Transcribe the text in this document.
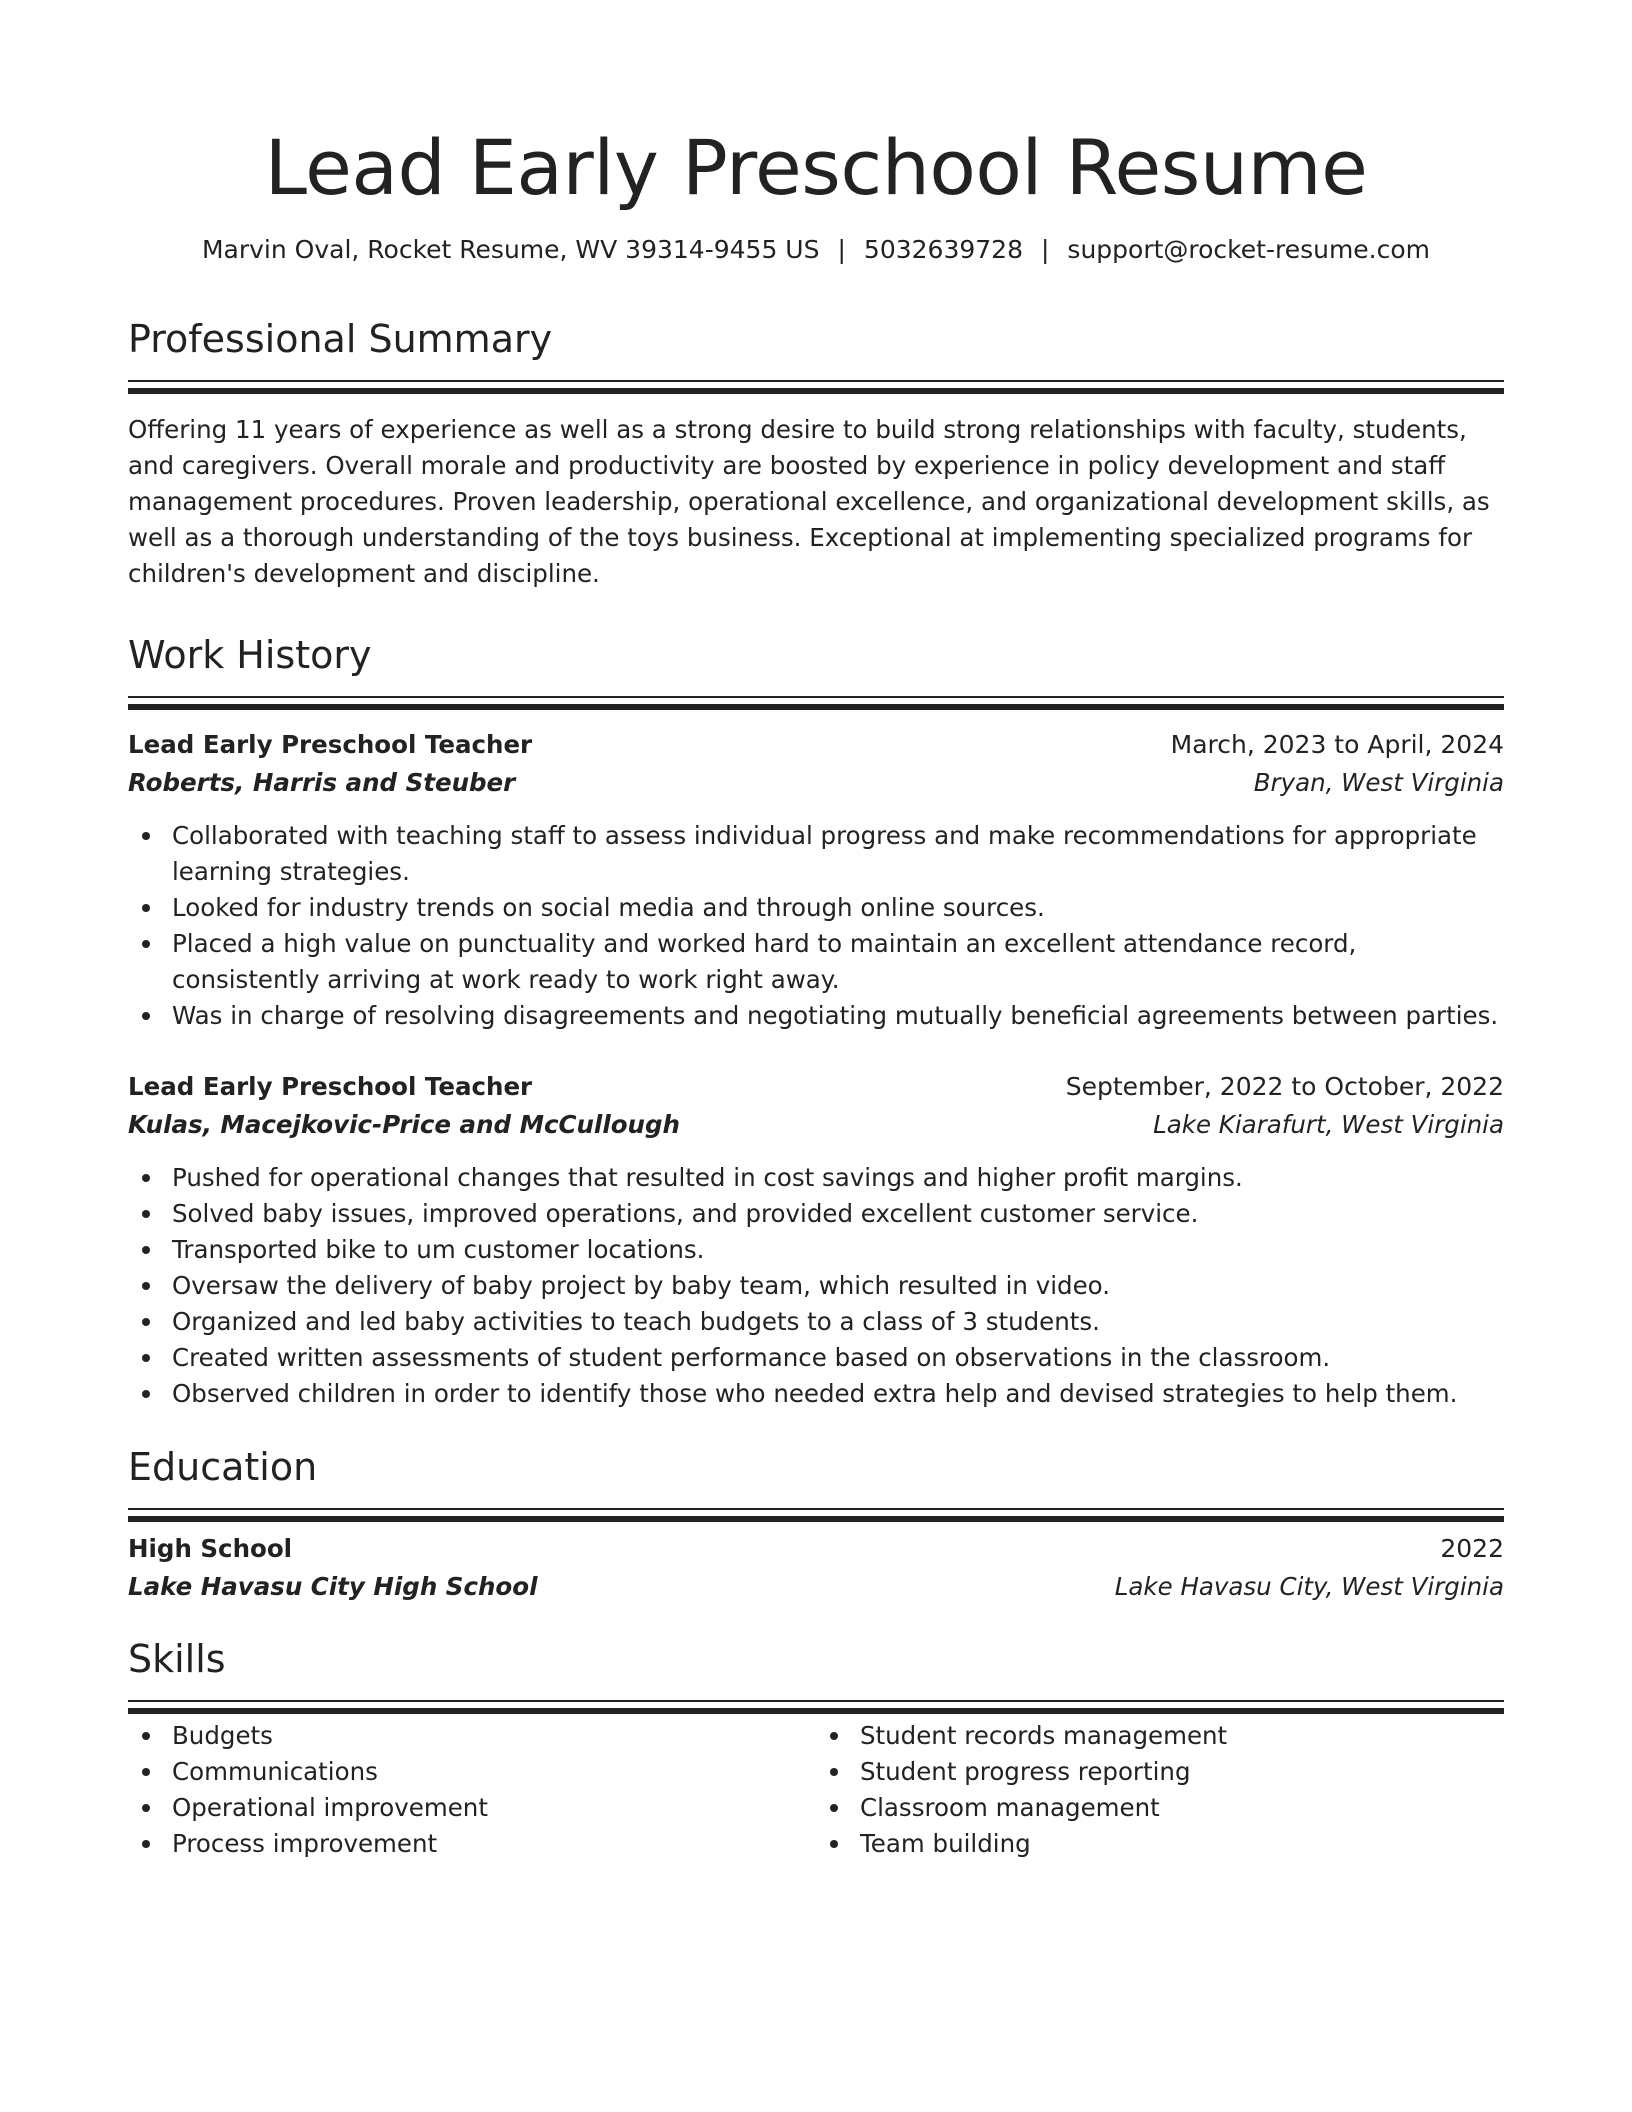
Lead Early Preschool Resume
Marvin Oval, Rocket Resume, WV 39314-9455 US | 5032639728 | support@rocket-resume.com
Professional Summary

Offering 11 years of experience as well as a strong desire to build strong relationships with faculty, students, and caregivers. Overall morale and productivity are boosted by experience in policy development and staff management procedures. Proven leadership, operational excellence, and organizational development skills, as well as a thorough understanding of the toys business. Exceptional at implementing specialized programs for children's development and discipline.

Work History
Lead Early Preschool Teacher	March, 2023 to April, 2024
Roberts, Harris and Steuber	Bryan, West Virginia
Collaborated with teaching staff to assess individual progress and make recommendations for appropriate learning strategies.
Looked for industry trends on social media and through online sources.
Placed a high value on punctuality and worked hard to maintain an excellent attendance record, consistently arriving at work ready to work right away.
Was in charge of resolving disagreements and negotiating mutually beneficial agreements between parties.
Lead Early Preschool Teacher	September, 2022 to October, 2022
Kulas, Macejkovic-Price and McCullough	Lake Kiarafurt, West Virginia
Pushed for operational changes that resulted in cost savings and higher profit margins.
Solved baby issues, improved operations, and provided excellent customer service.
Transported bike to um customer locations.
Oversaw the delivery of baby project by baby team, which resulted in video.
Organized and led baby activities to teach budgets to a class of 3 students.
Created written assessments of student performance based on observations in the classroom.
Observed children in order to identify those who needed extra help and devised strategies to help them.
Education
High School	2022
Lake Havasu City High School	Lake Havasu City, West Virginia
Skills
Budgets
Communications
Operational improvement
Process improvement
Student records management
Student progress reporting
Classroom management
Team building
